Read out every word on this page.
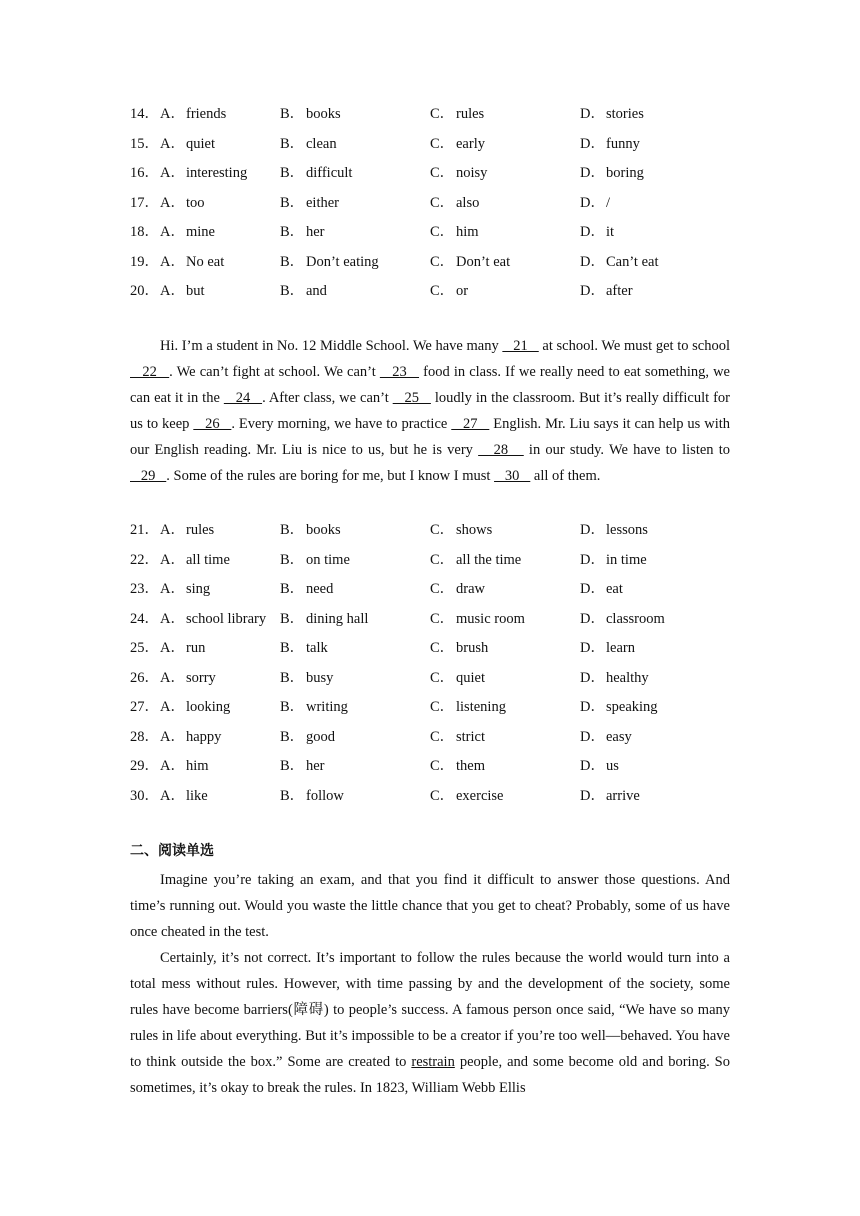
14． A．friends	B． books	C． rules	D．stories
15． A．quiet	B． clean	C． early	D．funny
16． A．interesting B． difficult	C． noisy	D．boring
17． A．too	B． either	C． also	D．/
18． A．mine	B． her	C． him	D．it
19． A．No eat	B． Don’t eating	C． Don’t eat	D．Can’t eat
20． A．but	B． and	C． or	D．after
Hi. I’m a student in No. 12 Middle School. We have many    21    at school. We must get to school    22   . We can’t fight at school. We can’t    23    food in class. If we really need to eat something, we can eat it in the    24   . After class, we can’t    25    loudly in the classroom. But it’s really difficult for us to keep    26   . Every morning, we have to practice    27    English. Mr. Liu says it can help us with our English reading. Mr. Liu is nice to us, but he is very    28    in our study. We have to listen to    29   . Some of the rules are boring for me, but I know I must    30    all of them.
21． A．rules	B． books	C． shows	D．lessons
22． A．all time	B． on time	C． all the time	D．in time
23． A．sing	B． need	C． draw	D．eat
24． A．school library B． dining hall	C． music room	D．classroom
25． A．run	B． talk	C． brush	D．learn
26． A．sorry	B． busy	C． quiet	D．healthy
27． A．looking	B． writing	C． listening	D．speaking
28． A．happy	B． good	C． strict	D．easy
29． A．him	B． her	C． them	D．us
30． A．like	B． follow	C． exercise	D．arrive
二、阅读单选
Imagine you’re taking an exam, and that you find it difficult to answer those questions. And time’s running out. Would you waste the little chance that you get to cheat? Probably, some of us have once cheated in the test.
Certainly, it’s not correct. It’s important to follow the rules because the world would turn into a total mess without rules. However, with time passing by and the development of the society, some rules have become barriers(障碍) to people’s success. A famous person once said, “We have so many rules in life about everything. But it’s impossible to be a creator if you’re too well—behaved. You have to think outside the box.” Some are created to restrain people, and some become old and boring. So sometimes, it’s okay to break the rules. In 1823, William Webb Ellis
